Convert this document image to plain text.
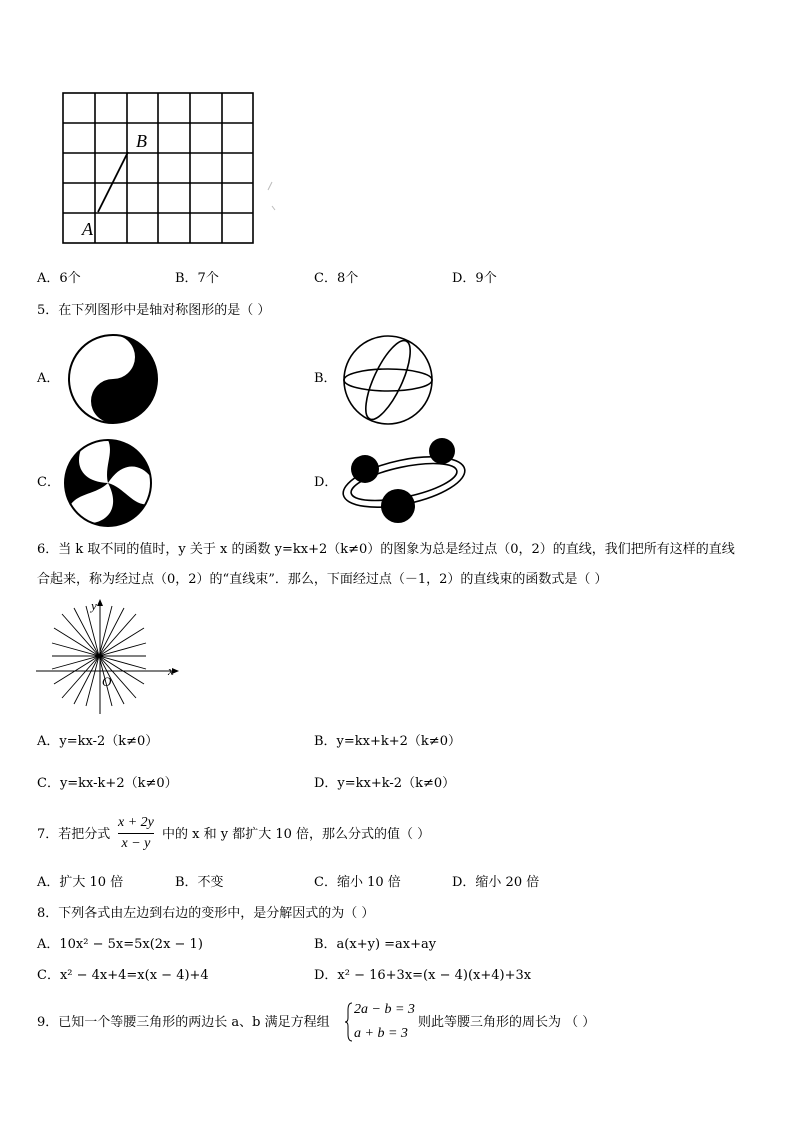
B
A
A．6个	B．7个	C．8个	D．9个
5．在下列图形中是轴对称图形的是（ ）
A．	B．
C．	D．
6．当 k 取不同的值时，y 关于 x 的函数 y=kx+2（k≠0）的图象为总是经过点（0，2）的直线，我们把所有这样的直线
合起来，称为经过点（0，2）的“直线束”．那么，下面经过点（－1，2）的直线束的函数式是（ ）
y
x
O
A．y=kx-2（k≠0）	B．y=kx+k+2（k≠0）
C．y=kx-k+2（k≠0）	D．y=kx+k-2（k≠0）
7．若把分式
x + 2y
x − y
中的 x 和 y 都扩大 10 倍，那么分式的值（ ）
A．扩大 10 倍	B．不变	C．缩小 10 倍	D．缩小 20 倍
8．下列各式由左边到右边的变形中，是分解因式的为（ ）
A．10x² − 5x=5x(2x − 1)	B．a(x+y) =ax+ay
C．x² − 4x+4=x(x − 4)+4	D．x² − 16+3x=(x − 4)(x+4)+3x
9．已知一个等腰三角形的两边长 a、b 满足方程组
2a − b = 3
a + b = 3
则此等腰三角形的周长为 （ ）
